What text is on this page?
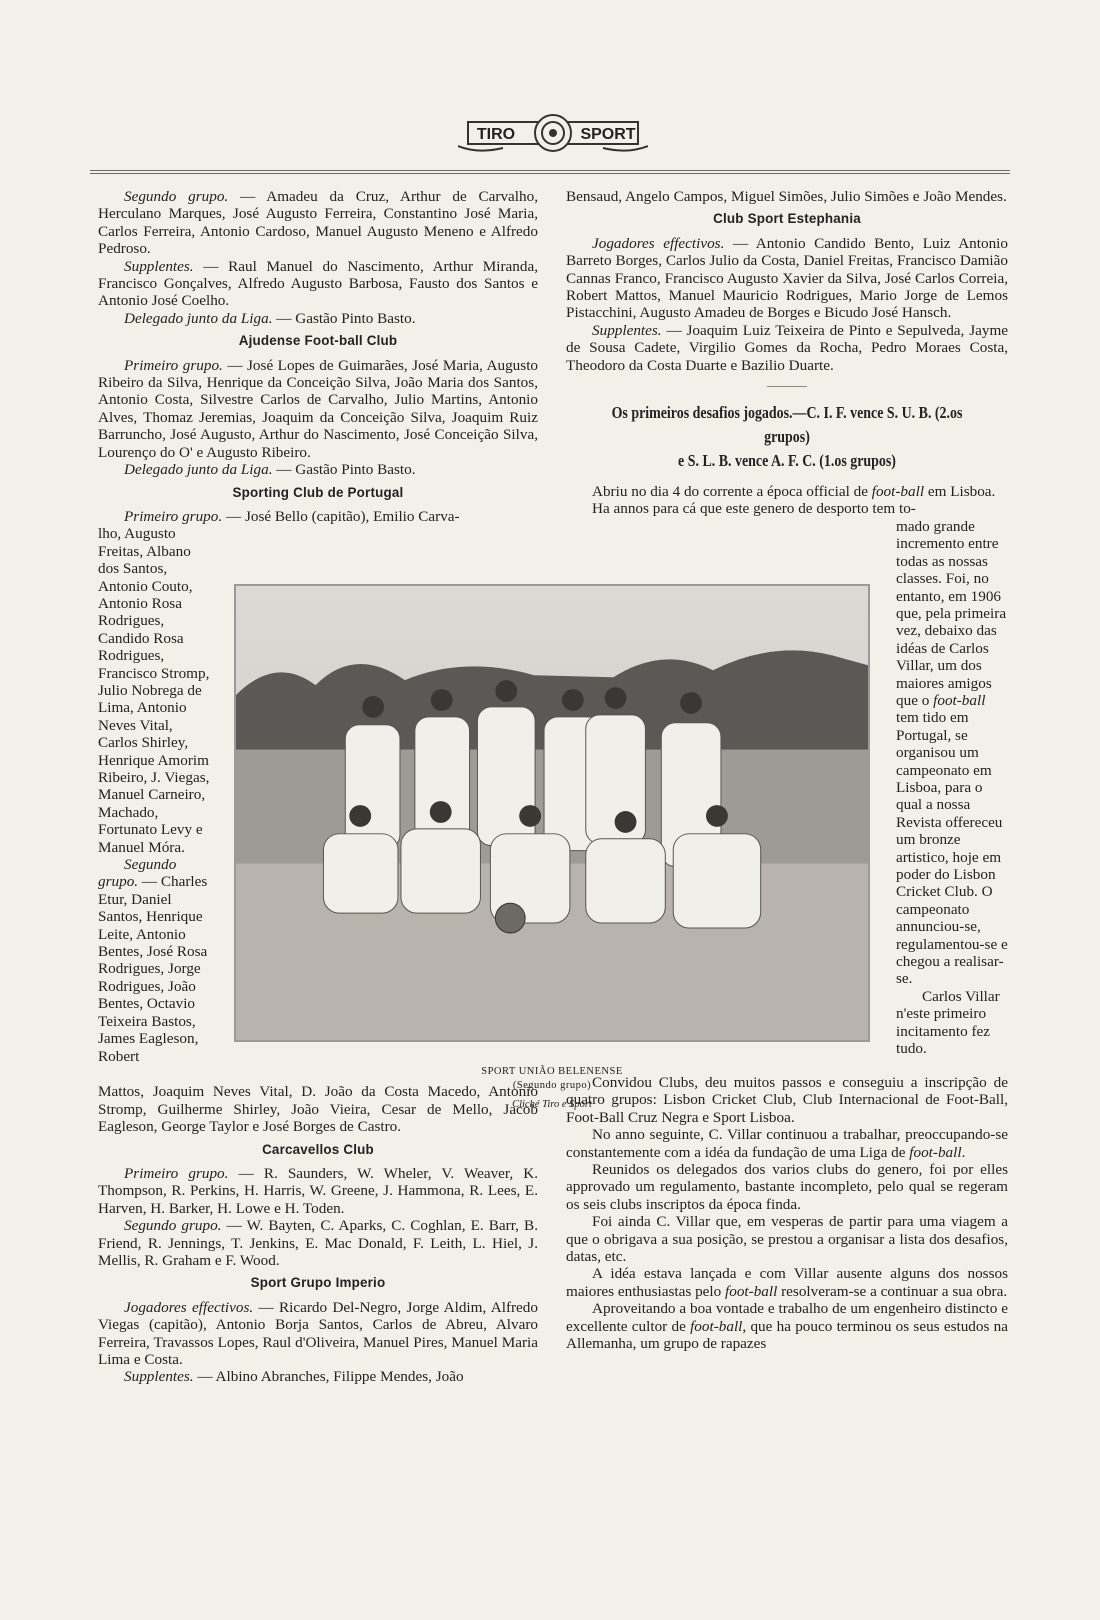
TIRO	SPORT

Segundo grupo. — Amadeu da Cruz, Arthur de Carvalho, Herculano Marques, José Augusto Ferreira, Constantino José Maria, Carlos Ferreira, Antonio Cardoso, Manuel Augusto Meneno e Alfredo Pedroso.

Supplentes. — Raul Manuel do Nascimento, Arthur Miranda, Francisco Gonçalves, Alfredo Augusto Barbosa, Fausto dos Santos e Antonio José Coelho.

Delegado junto da Liga. — Gastão Pinto Basto.

Ajudense Foot-ball Club

Primeiro grupo. — José Lopes de Guimarães, José Maria, Augusto Ribeiro da Silva, Henrique da Conceição Silva, João Maria dos Santos, Antonio Costa, Silvestre Carlos de Carvalho, Julio Martins, Antonio Alves, Thomaz Jeremias, Joaquim da Conceição Silva, Joaquim Ruiz Barruncho, José Augusto, Arthur do Nascimento, José Conceição Silva, Lourenço do O' e Augusto Ribeiro.

Delegado junto da Liga. — Gastão Pinto Basto.

Sporting Club de Portugal

Primeiro grupo. — José Bello (capitão), Emilio Carva-

lho, Augusto Freitas, Albano dos Santos, Antonio Couto, Antonio Rosa Rodrigues, Candido Rosa Rodrigues, Francisco Stromp, Julio Nobrega de Lima, Antonio Neves Vital, Carlos Shirley, Henrique Amorim Ribeiro, J. Viegas, Manuel Carneiro, Machado, Fortunato Levy e Manuel Móra.

Segundo grupo. — Charles Etur, Daniel Santos, Henrique Leite, Antonio Bentes, José Rosa Rodrigues, Jorge Rodrigues, João Bentes, Octavio Teixeira Bastos, James Eagleson, Robert

Mattos, Joaquim Neves Vital, D. João da Costa Macedo, Antonio Stromp, Guilherme Shirley, João Vieira, Cesar de Mello, Jacob Eagleson, George Taylor e José Borges de Castro.

Carcavellos Club

Primeiro grupo. — R. Saunders, W. Wheler, V. Weaver, K. Thompson, R. Perkins, H. Harris, W. Greene, J. Hammona, R. Lees, E. Harven, H. Barker, H. Lowe e H. Toden.

Segundo grupo. — W. Bayten, C. Aparks, C. Coghlan, E. Barr, B. Friend, R. Jennings, T. Jenkins, E. Mac Donald, F. Leith, L. Hiel, J. Mellis, R. Graham e F. Wood.

Sport Grupo Imperio

Jogadores effectivos. — Ricardo Del-Negro, Jorge Aldim, Alfredo Viegas (capitão), Antonio Borja Santos, Carlos de Abreu, Alvaro Ferreira, Travassos Lopes, Raul d'Oliveira, Manuel Pires, Manuel Maria Lima e Costa.

Supplentes. — Albino Abranches, Filippe Mendes, João

Bensaud, Angelo Campos, Miguel Simões, Julio Simões e João Mendes.

Club Sport Estephania

Jogadores effectivos. — Antonio Candido Bento, Luiz Antonio Barreto Borges, Carlos Julio da Costa, Daniel Freitas, Francisco Damião Cannas Franco, Francisco Augusto Xavier da Silva, José Carlos Correia, Robert Mattos, Manuel Mauricio Rodrigues, Mario Jorge de Lemos Pistacchini, Augusto Amadeu de Borges e Bicudo José Hansch.

Supplentes. — Joaquim Luiz Teixeira de Pinto e Sepulveda, Jayme de Sousa Cadete, Virgilio Gomes da Rocha, Pedro Moraes Costa, Theodoro da Costa Duarte e Bazilio Duarte.

Os primeiros desafios jogados.—C. I. F. vence S. U. B. (2.os grupos)
e S. L. B. vence A. F. C. (1.os grupos)

Abriu no dia 4 do corrente a época official de foot-ball em Lisboa.

Ha annos para cá que este genero de desporto tem to-

mado grande incremento entre todas as nossas classes. Foi, no entanto, em 1906 que, pela primeira vez, debaixo das idéas de Carlos Villar, um dos maiores amigos que o foot-ball tem tido em Portugal, se organisou um campeonato em Lisboa, para o qual a nossa Revista offereceu um bronze artistico, hoje em poder do Lisbon Cricket Club. O campeonato annunciou-se, regulamentou-se e chegou a realisar-se.

Carlos Villar n'este primeiro incitamento fez tudo.

Convidou Clubs, deu muitos passos e conseguiu a inscripção de quatro grupos: Lisbon Cricket Club, Club Internacional de Foot-Ball, Foot-Ball Cruz Negra e Sport Lisboa.

No anno seguinte, C. Villar continuou a trabalhar, preoccupando-se constantemente com a idéa da fundação de uma Liga de foot-ball.

Reunidos os delegados dos varios clubs do genero, foi por elles approvado um regulamento, bastante incompleto, pelo qual se regeram os seis clubs inscriptos da época finda.

Foi ainda C. Villar que, em vesperas de partir para uma viagem a que o obrigava a sua posição, se prestou a organisar a lista dos desafios, datas, etc.

A idéa estava lançada e com Villar ausente alguns dos nossos maiores enthusiastas pelo foot-ball resolveram-se a continuar a sua obra.

Aproveitando a boa vontade e trabalho de um engenheiro distincto e excellente cultor de foot-ball, que ha pouco terminou os seus estudos na Allemanha, um grupo de rapazes

SPORT UNIÃO BELENENSE
(Segundo grupo)
Cliché Tiro e Sport
